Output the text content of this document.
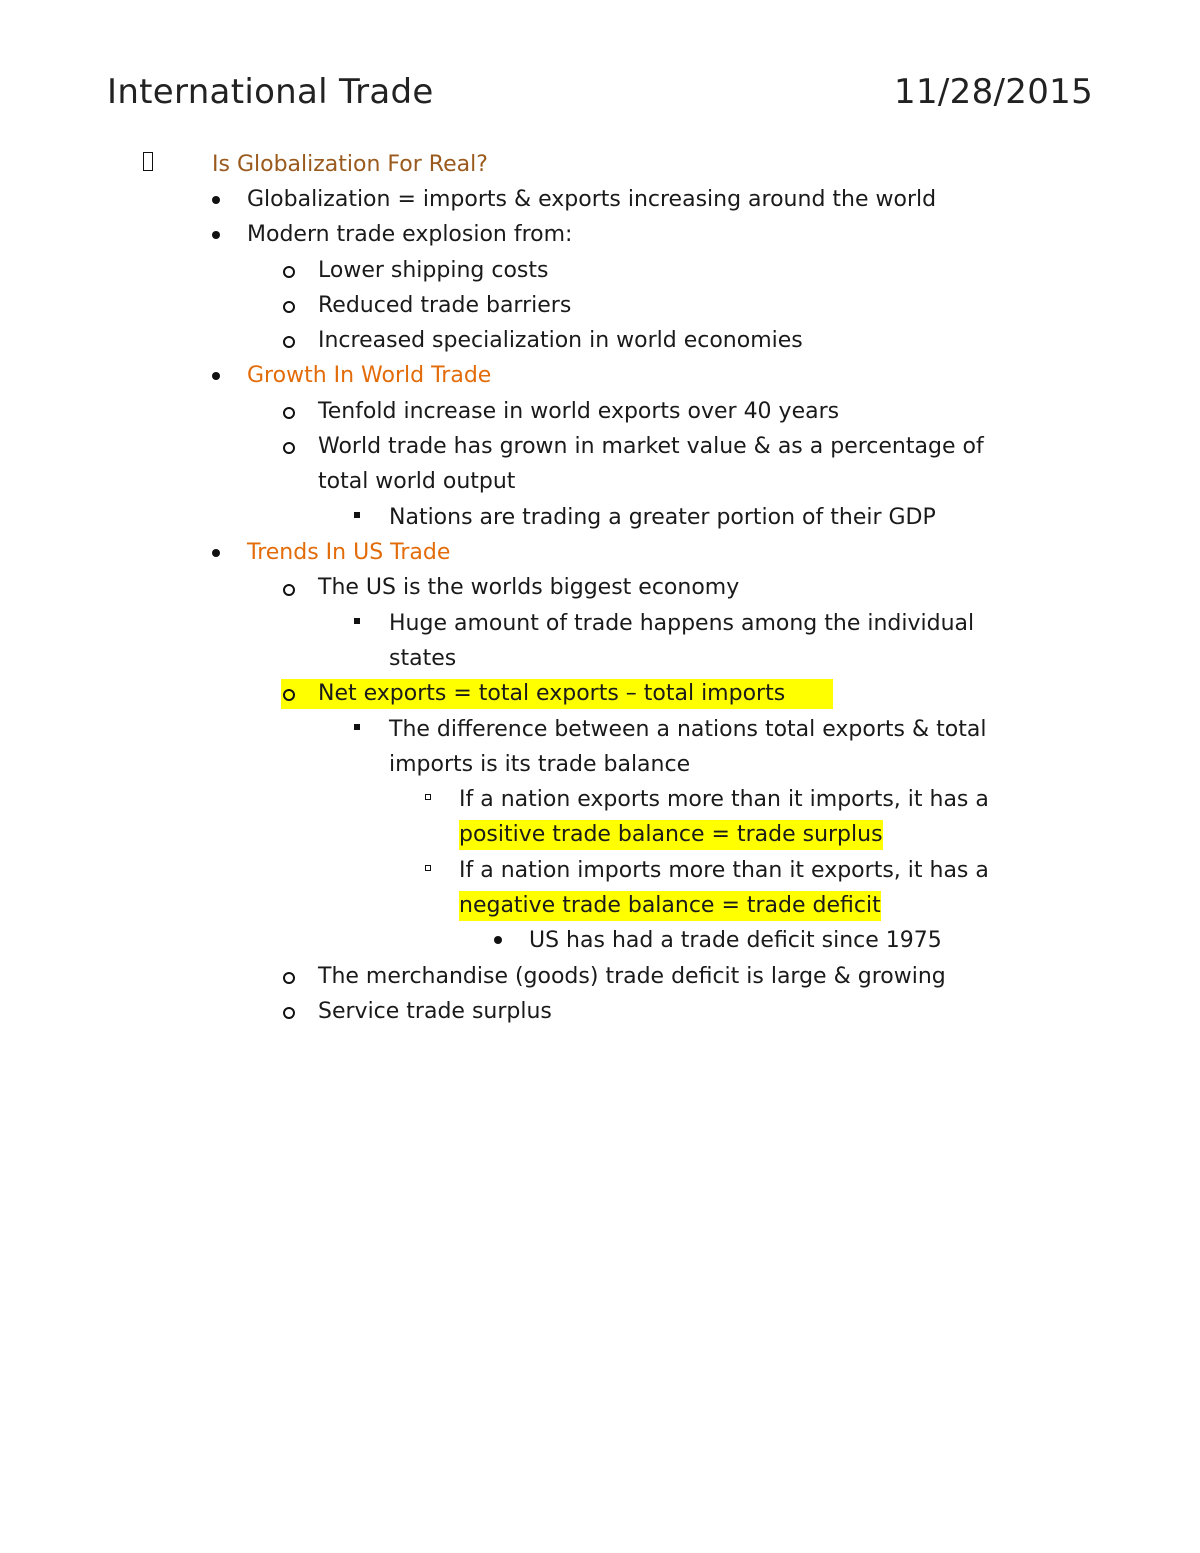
International Trade	11/28/2015
Is Globalization For Real?
Globalization = imports & exports increasing around the world
Modern trade explosion from:
Lower shipping costs
Reduced trade barriers
Increased specialization in world economies
Growth In World Trade
Tenfold increase in world exports over 40 years
World trade has grown in market value & as a percentage of
total world output
Nations are trading a greater portion of their GDP
Trends In US Trade
The US is the worlds biggest economy
Huge amount of trade happens among the individual
states
Net exports = total exports – total imports
The difference between a nations total exports & total
imports is its trade balance
If a nation exports more than it imports, it has a
positive trade balance = trade surplus
If a nation imports more than it exports, it has a
negative trade balance = trade deficit
US has had a trade deficit since 1975
The merchandise (goods) trade deficit is large & growing
Service trade surplus
